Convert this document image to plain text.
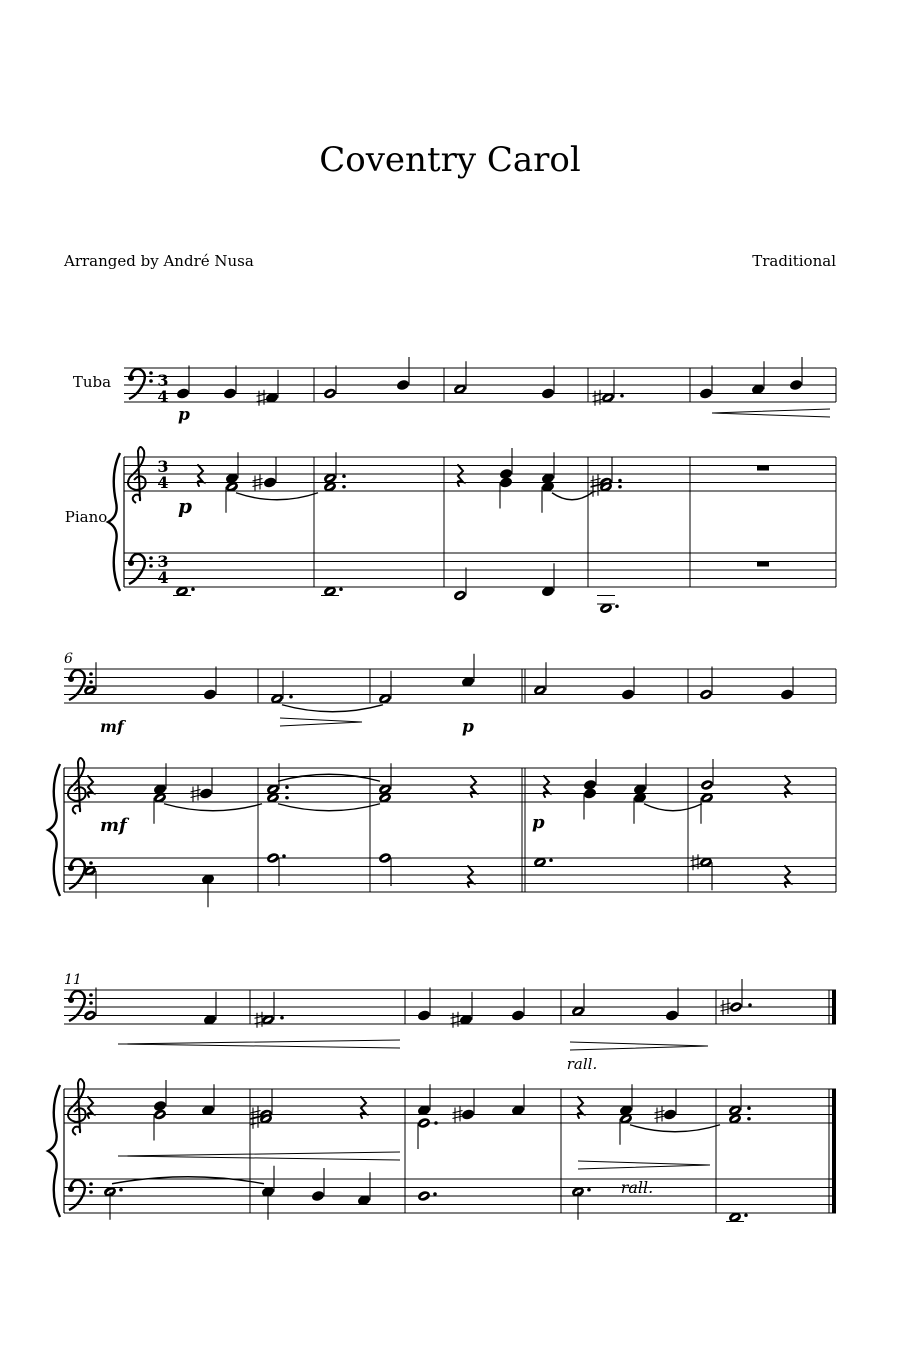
Coventry Carol
Arranged by André Nusa	Traditional
Tuba
Piano
6
11
3
4
3
4
3
4
p
p
mf
mf
p
p
rall.
rall.
